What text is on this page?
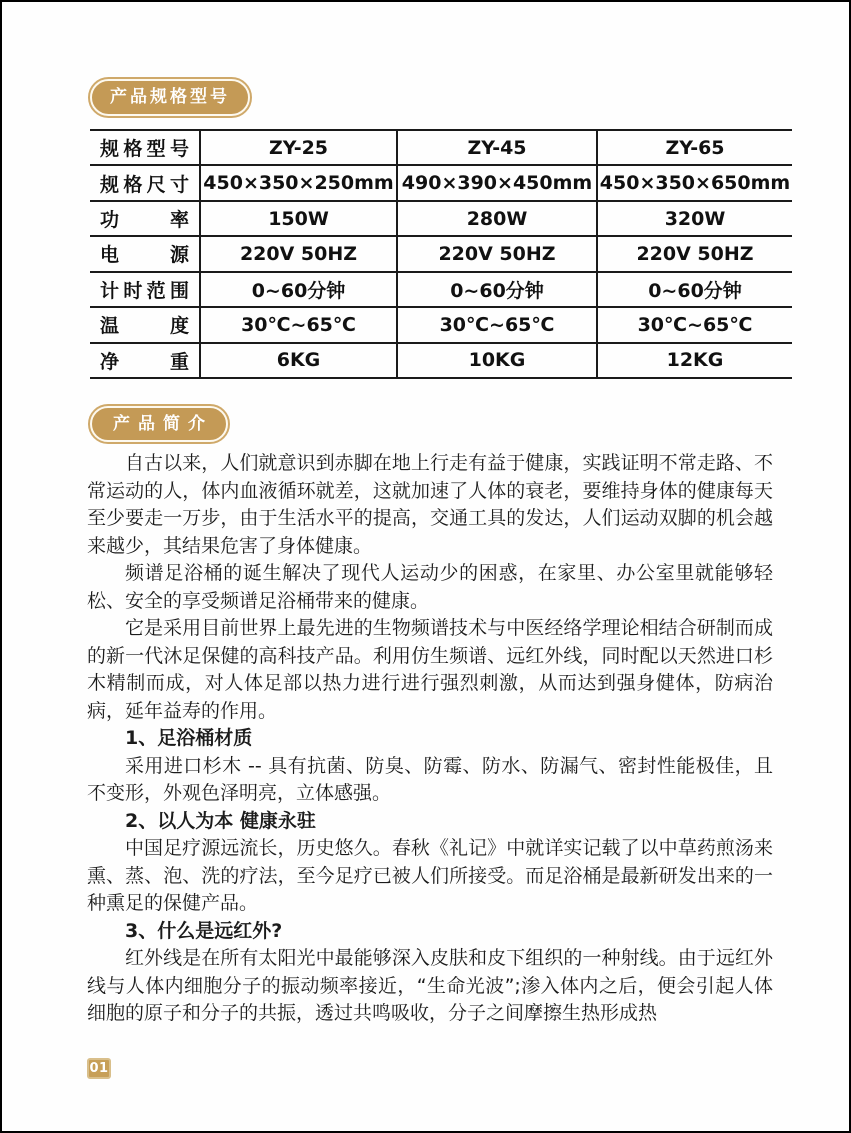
产品规格型号
规格型号	ZY-25	ZY-45	ZY-65
规格尺寸	450×350×250mm	490×390×450mm	450×350×650mm
功率	150W	280W	320W
电源	220V 50HZ	220V 50HZ	220V 50HZ
计时范围	0~60分钟	0~60分钟	0~60分钟
温度	30℃~65℃	30℃~65℃	30℃~65℃
净重	6KG	10KG	12KG
产品简介
自古以来，人们就意识到赤脚在地上行走有益于健康，实践证明不常走路、不常运动的人，体内血液循环就差，这就加速了人体的衰老，要维持身体的健康每天至少要走一万步，由于生活水平的提高，交通工具的发达，人们运动双脚的机会越来越少，其结果危害了身体健康。
频谱足浴桶的诞生解决了现代人运动少的困惑，在家里、办公室里就能够轻松、安全的享受频谱足浴桶带来的健康。
它是采用目前世界上最先进的生物频谱技术与中医经络学理论相结合研制而成的新一代沐足保健的高科技产品。利用仿生频谱、远红外线，同时配以天然进口杉木精制而成，对人体足部以热力进行进行强烈刺激，从而达到强身健体，防病治病，延年益寿的作用。
1、足浴桶材质
采用进口杉木 -- 具有抗菌、防臭、防霉、防水、防漏气、密封性能极佳，且不变形，外观色泽明亮，立体感强。
2、以人为本 健康永驻
中国足疗源远流长，历史悠久。春秋《礼记》中就详实记载了以中草药煎汤来熏、蒸、泡、洗的疗法，至今足疗已被人们所接受。而足浴桶是最新研发出来的一种熏足的保健产品。
3、什么是远红外?
红外线是在所有太阳光中最能够深入皮肤和皮下组织的一种射线。由于远红外线与人体内细胞分子的振动频率接近，“生命光波”;渗入体内之后，便会引起人体细胞的原子和分子的共振，透过共鸣吸收，分子之间摩擦生热形成热
01
